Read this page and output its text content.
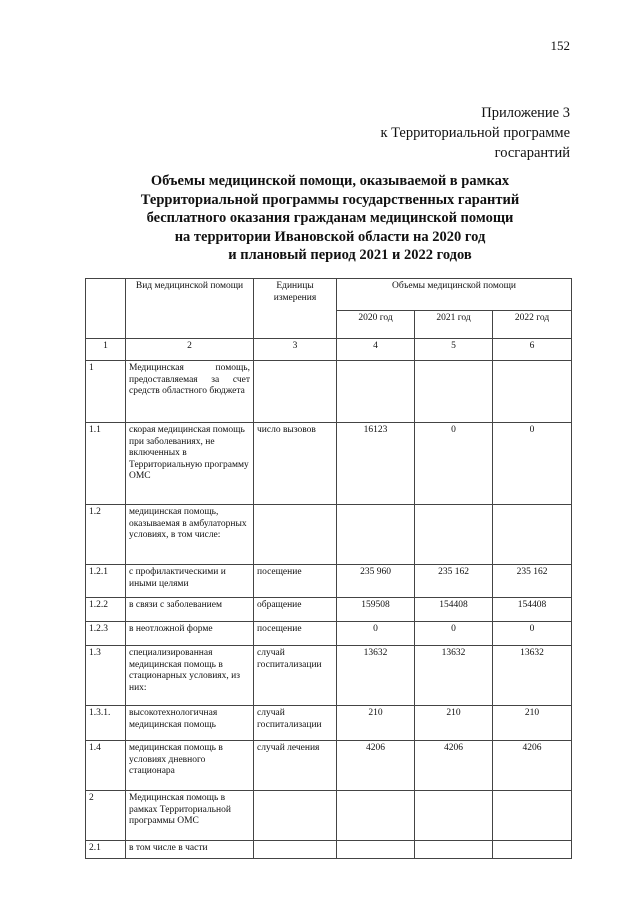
152
Приложение 3
к Территориальной программе
госгарантий
Объемы медицинской помощи, оказываемой в рамках
Территориальной программы государственных гарантий
бесплатного оказания гражданам медицинской помощи
на территории Ивановской области на 2020 год
и плановый период 2021 и 2022 годов
	Вид медицинской помощи	Единицы измерения	Объемы медицинской помощи		
			2020 год	2021 год	2022 год
1	2	3	4	5	6
1	Медицинская помощь, предоставляемая за счет средств областного бюджета				
1.1	скорая медицинская помощь при заболеваниях, не включенных в Территориальную программу ОМС	число вызовов	16123	0	0
1.2	медицинская помощь, оказываемая в амбулаторных условиях, в том числе:				
1.2.1	с профилактическими и иными целями	посещение	235 960	235 162	235 162
1.2.2	в связи с заболеванием	обращение	159508	154408	154408
1.2.3	в неотложной форме	посещение	0	0	0
1.3	специализированная медицинская помощь в стационарных условиях, из них:	случай госпитализации	13632	13632	13632
1.3.1.	высокотехнологичная медицинская помощь	случай госпитализации	210	210	210
1.4	медицинская помощь в условиях дневного стационара	случай лечения	4206	4206	4206
2	Медицинская помощь в рамках Территориальной программы ОМС				
2.1	в том числе в части				
